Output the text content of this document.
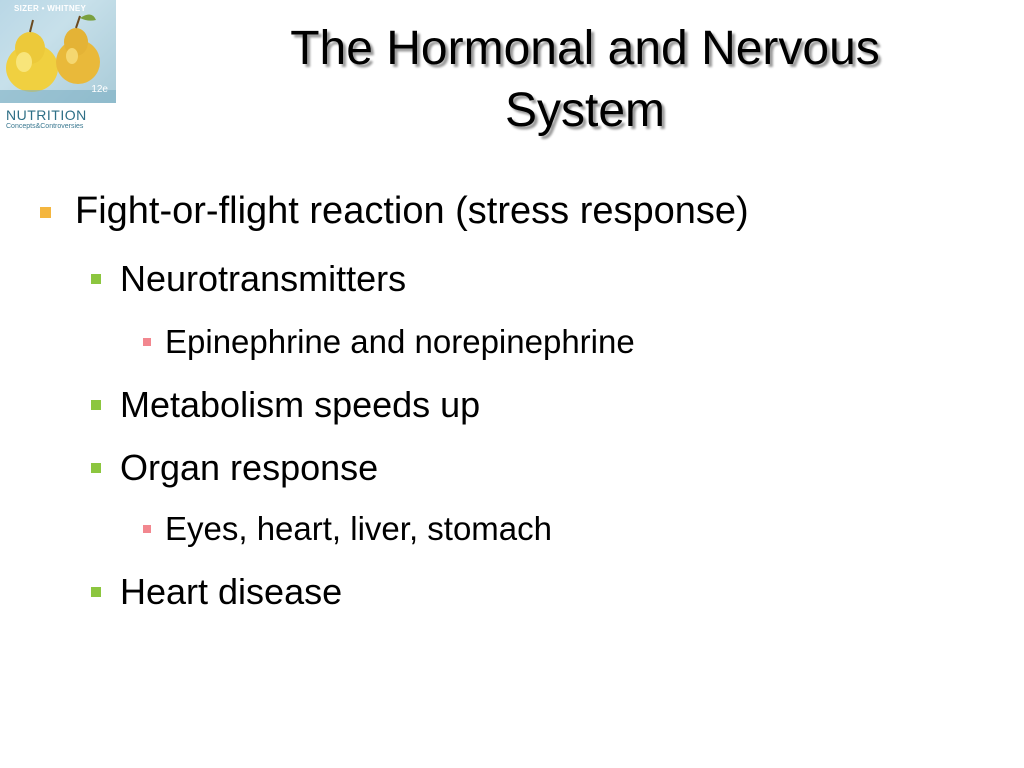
SIZER • WHITNEY
12e
NUTRITION
Concepts&Controversies
The Hormonal and Nervous
System
Fight-or-flight reaction (stress response)
Neurotransmitters
Epinephrine and norepinephrine
Metabolism speeds up
Organ response
Eyes, heart, liver, stomach
Heart disease
